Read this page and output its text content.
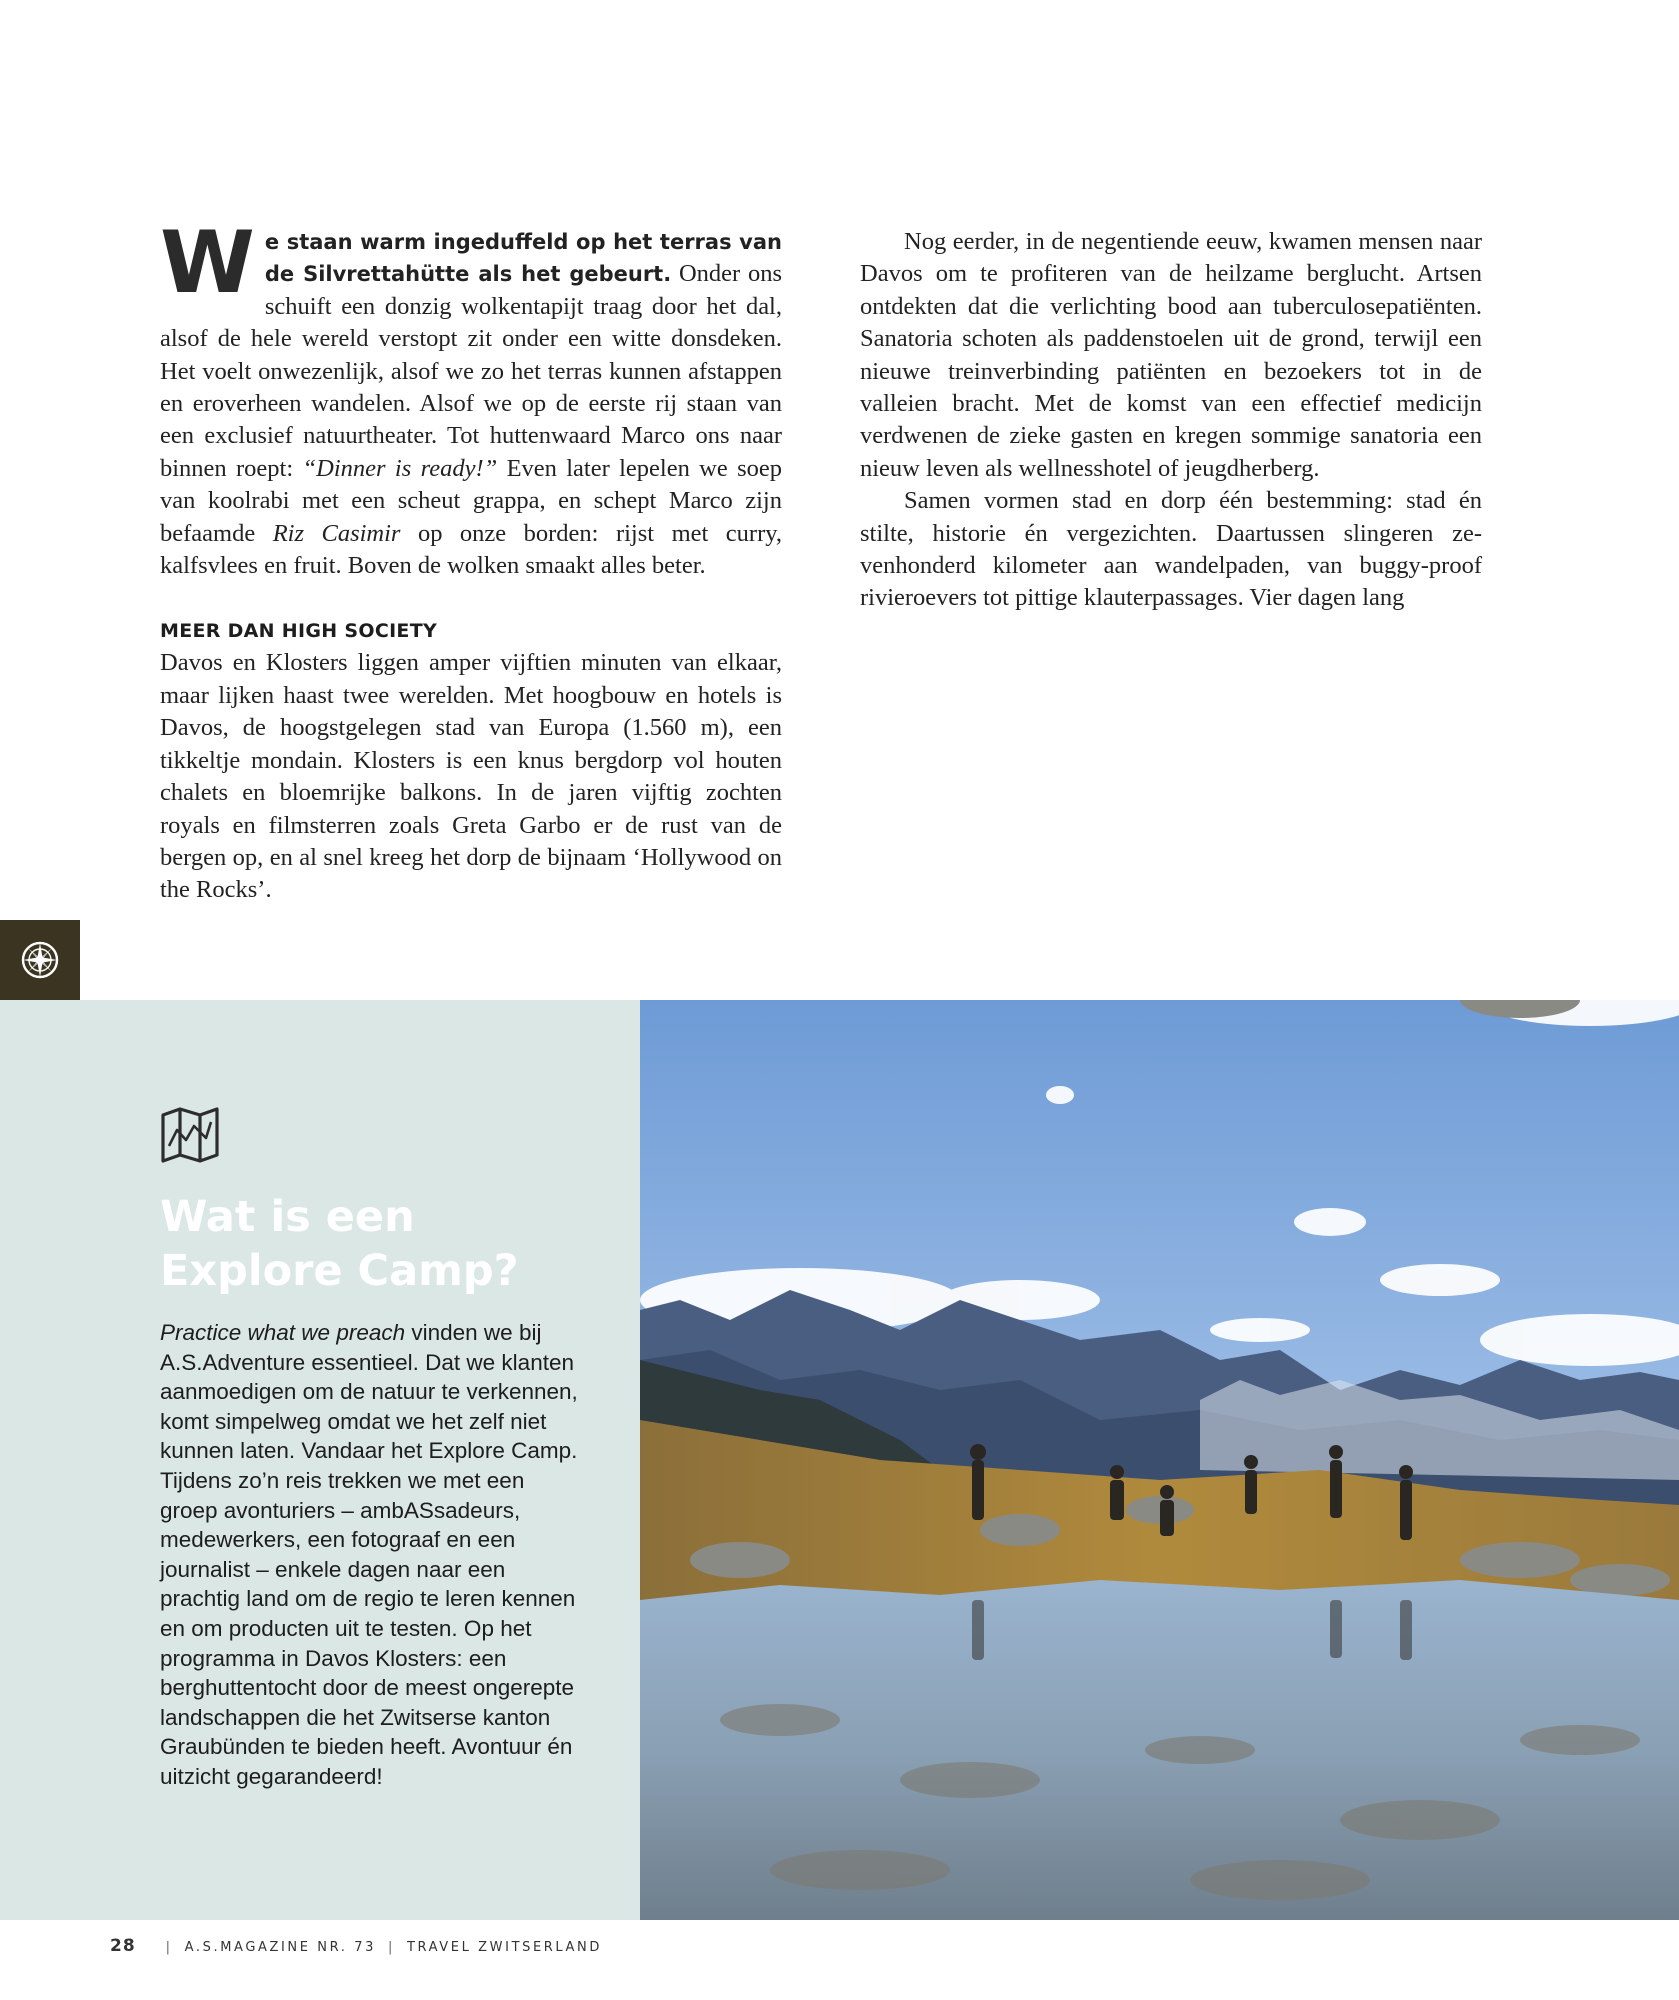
We staan warm ingeduffeld op het terras van de Silvrettahütte als het gebeurt. Onder ons schuift een donzig wolkentapijt traag door het dal, alsof de hele wereld verstopt zit onder een witte donsdeken. Het voelt onwezenlijk, alsof we zo het terras kunnen afstappen en eroverheen wandelen. Alsof we op de eerste rij staan van een exclusief natuurtheater. Tot huttenwaard Marco ons naar binnen roept: “Dinner is ready!” Even later lepelen we soep van koolrabi met een scheut grappa, en schept Marco zijn befaamde Riz Casimir op onze borden: rijst met curry, kalfsvlees en fruit. Boven de wolken smaakt alles beter.

MEER DAN HIGH SOCIETY

Davos en Klosters liggen amper vijftien minuten van elkaar, maar lijken haast twee werelden. Met hoogbouw en hotels is Davos, de hoogstgelegen stad van Europa (1.560 m), een tikkeltje mondain. Klosters is een knus bergdorp vol houten chalets en bloemrijke balkons. In de jaren vijftig zochten royals en filmsterren zoals Greta Garbo er de rust van de bergen op, en al snel kreeg het dorp de bijnaam ‘Hollywood on the Rocks’.

Nog eerder, in de negentiende eeuw, kwamen mensen naar Davos om te profiteren van de heilzame berglucht. Artsen ontdekten dat die verlichting bood aan tuberculosepatiënten. Sanatoria schoten als paddenstoelen uit de grond, terwijl een nieuwe treinverbinding patiënten en bezoekers tot in de valleien bracht. Met de komst van een effectief medicijn verdwenen de zieke gasten en kregen sommige sanatoria een nieuw leven als wellnesshotel of jeugdherberg.

Samen vormen stad en dorp één bestemming: stad én stilte, historie én vergezichten. Daartussen slingeren zevenhonderd kilometer aan wandelpaden, van buggy-proof rivieroevers tot pittige klauterpassages. Vier dagen lang

Wat is een Explore Camp?
Practice what we preach vinden we bij A.S.Adventure essentieel. Dat we klanten aanmoedigen om de natuur te verkennen, komt simpelweg omdat we het zelf niet kunnen laten. Vandaar het Explore Camp. Tijdens zo’n reis trekken we met een groep avonturiers – ambASsadeurs, medewerkers, een fotograaf en een journalist – enkele dagen naar een prachtig land om de regio te leren kennen en om producten uit te testen. Op het programma in Davos Klosters: een berghuttentocht door de meest ongerepte landschappen die het Zwitserse kanton Graubünden te bieden heeft. Avontuur én uitzicht gegarandeerd!
28 | A.S.MAGAZINE NR. 73 | TRAVEL ZWITSERLAND
